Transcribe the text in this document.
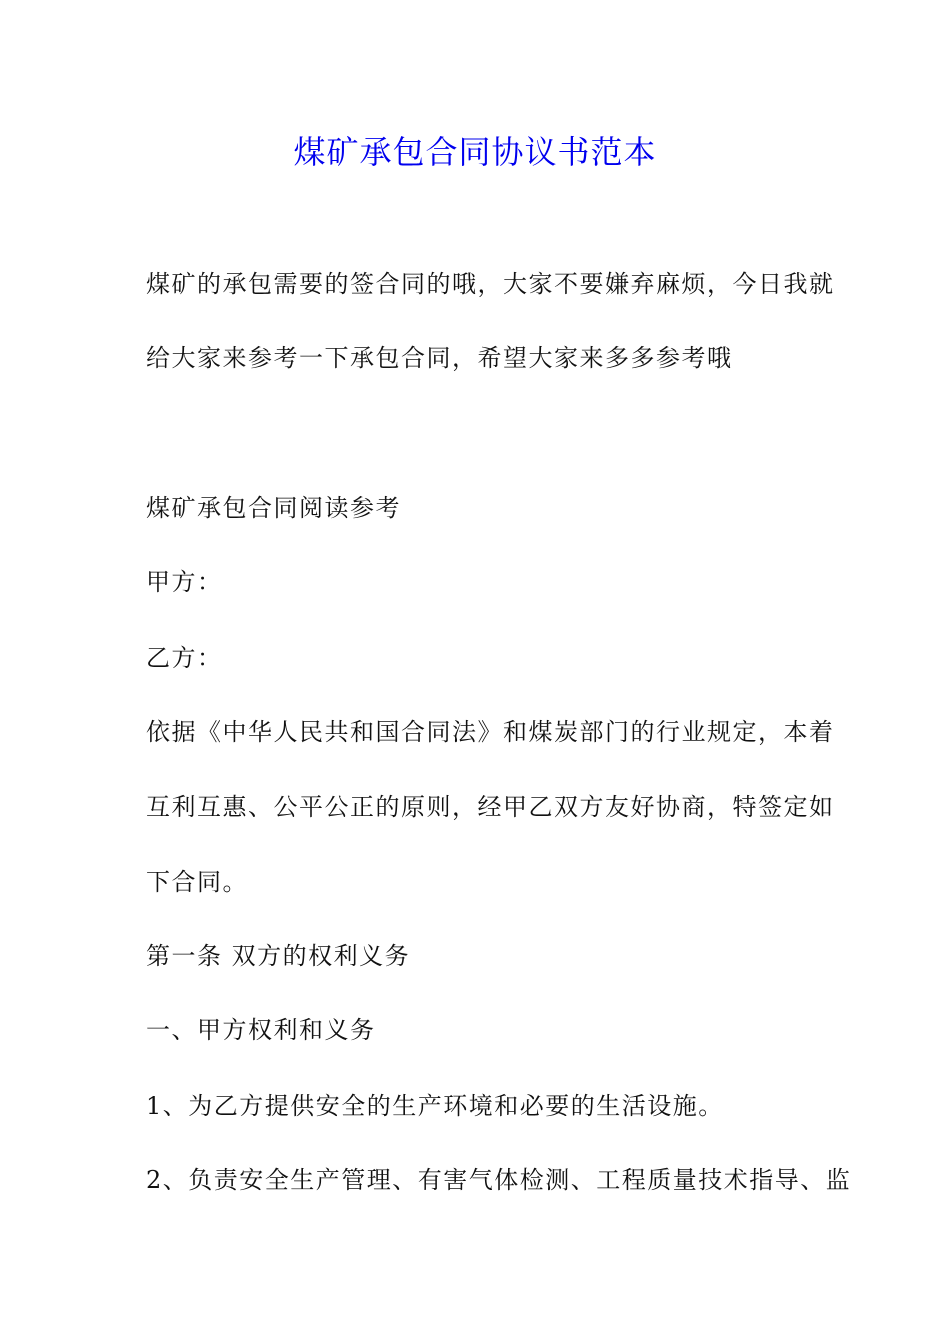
煤矿承包合同协议书范本

煤矿的承包需要的签合同的哦，大家不要嫌弃麻烦，今日我就

给大家来参考一下承包合同，希望大家来多多参考哦

煤矿承包合同阅读参考

甲方：

乙方：

依据《中华人民共和国合同法》和煤炭部门的行业规定，本着

互利互惠、公平公正的原则，经甲乙双方友好协商，特签定如

下合同。

第一条 双方的权利义务

一、甲方权利和义务

1、为乙方提供安全的生产环境和必要的生活设施。

2、负责安全生产管理、有害气体检测、工程质量技术指导、监
